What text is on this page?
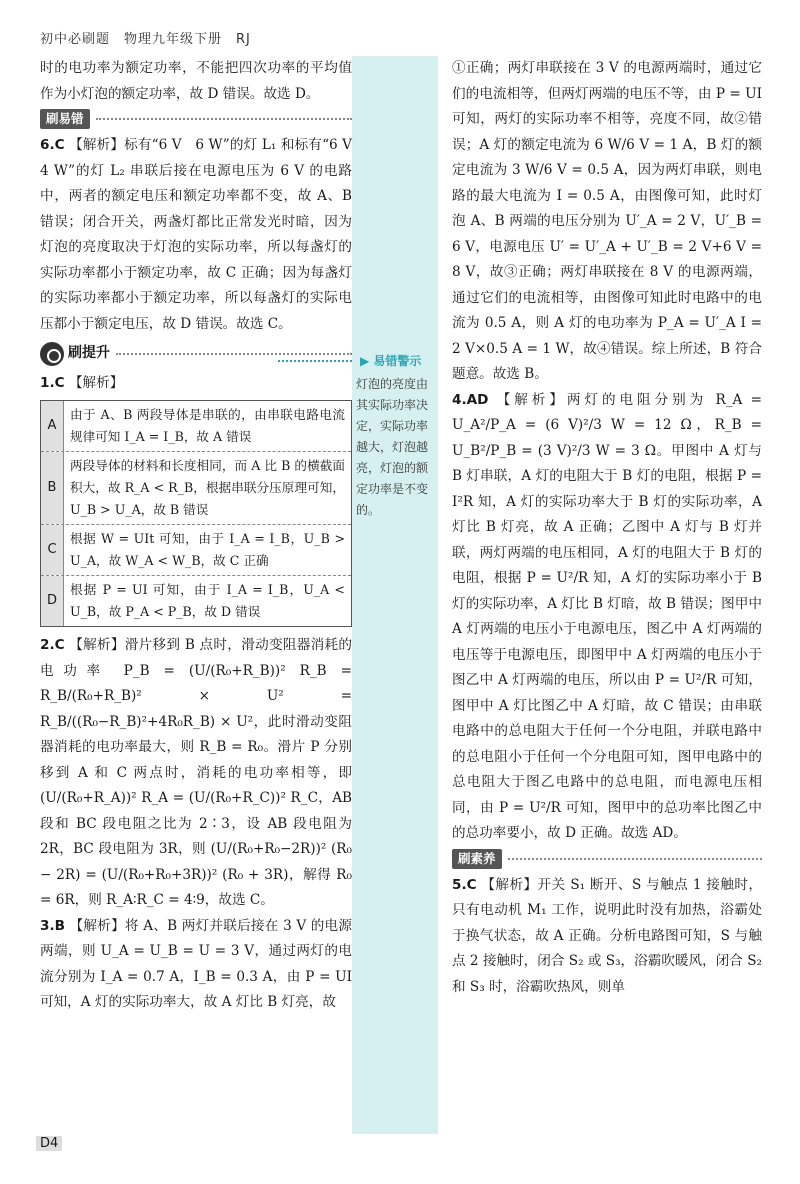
初中必刷题　物理九年级下册　RJ
▶ 易错警示
灯泡的亮度由其实际功率决定，实际功率越大，灯泡越亮，灯泡的额定功率是不变的。

时的电功率为额定功率，不能把四次功率的平均值作为小灯泡的额定功率，故 D 错误。故选 D。

刷易错

6.C 【解析】标有“6 V　6 W”的灯 L₁ 和标有“6 V　4 W”的灯 L₂ 串联后接在电源电压为 6 V 的电路中，两者的额定电压和额定功率都不变，故 A、B 错误；闭合开关，两盏灯都比正常发光时暗，因为灯泡的亮度取决于灯泡的实际功率，所以每盏灯的实际功率都小于额定功率，故 C 正确；因为每盏灯的实际功率都小于额定功率，所以每盏灯的实际电压都小于额定电压，故 D 错误。故选 C。

刷提升

1.C 【解析】

A
由于 A、B 两段导体是串联的，由串联电路电流规律可知 I_A = I_B，故 A 错误
B
两段导体的材料和长度相同，而 A 比 B 的横截面积大，故 R_A < R_B，根据串联分压原理可知，U_B > U_A，故 B 错误
C
根据 W = UIt 可知，由于 I_A = I_B，U_B > U_A，故 W_A < W_B，故 C 正确
D
根据 P = UI 可知，由于 I_A = I_B，U_A < U_B，故 P_A < P_B，故 D 错误

2.C 【解析】滑片移到 B 点时，滑动变阻器消耗的电功率 P_B = (U/(R₀+R_B))² R_B = R_B/(R₀+R_B)² × U² = R_B/((R₀−R_B)²+4R₀R_B) × U²，此时滑动变阻器消耗的电功率最大，则 R_B = R₀。滑片 P 分别移到 A 和 C 两点时，消耗的电功率相等，即 (U/(R₀+R_A))² R_A = (U/(R₀+R_C))² R_C，AB 段和 BC 段电阻之比为 2∶3，设 AB 段电阻为 2R，BC 段电阻为 3R，则 (U/(R₀+R₀−2R))² (R₀ − 2R) = (U/(R₀+R₀+3R))² (R₀ + 3R)，解得 R₀ = 6R，则 R_A∶R_C = 4∶9，故选 C。

3.B 【解析】将 A、B 两灯并联后接在 3 V 的电源两端，则 U_A = U_B = U = 3 V，通过两灯的电流分别为 I_A = 0.7 A，I_B = 0.3 A，由 P = UI 可知，A 灯的实际功率大，故 A 灯比 B 灯亮，故

①正确；两灯串联接在 3 V 的电源两端时，通过它们的电流相等，但两灯两端的电压不等，由 P = UI 可知，两灯的实际功率不相等，亮度不同，故②错误；A 灯的额定电流为 6 W/6 V = 1 A，B 灯的额定电流为 3 W/6 V = 0.5 A，因为两灯串联，则电路的最大电流为 I = 0.5 A，由图像可知，此时灯泡 A、B 两端的电压分别为 U′_A = 2 V，U′_B = 6 V，电源电压 U′ = U′_A + U′_B = 2 V+6 V = 8 V，故③正确；两灯串联接在 8 V 的电源两端，通过它们的电流相等，由图像可知此时电路中的电流为 0.5 A，则 A 灯的电功率为 P_A = U′_A I = 2 V×0.5 A = 1 W，故④错误。综上所述，B 符合题意。故选 B。

4.AD 【解析】两灯的电阻分别为 R_A = U_A²/P_A = (6 V)²/3 W = 12 Ω，R_B = U_B²/P_B = (3 V)²/3 W = 3 Ω。甲图中 A 灯与 B 灯串联，A 灯的电阻大于 B 灯的电阻，根据 P = I²R 知，A 灯的实际功率大于 B 灯的实际功率，A 灯比 B 灯亮，故 A 正确；乙图中 A 灯与 B 灯并联，两灯两端的电压相同，A 灯的电阻大于 B 灯的电阻，根据 P = U²/R 知，A 灯的实际功率小于 B 灯的实际功率，A 灯比 B 灯暗，故 B 错误；图甲中 A 灯两端的电压小于电源电压，图乙中 A 灯两端的电压等于电源电压，即图甲中 A 灯两端的电压小于图乙中 A 灯两端的电压，所以由 P = U²/R 可知，图甲中 A 灯比图乙中 A 灯暗，故 C 错误；由串联电路中的总电阻大于任何一个分电阻，并联电路中的总电阻小于任何一个分电阻可知，图甲电路中的总电阻大于图乙电路中的总电阻，而电源电压相同，由 P = U²/R 可知，图甲中的总功率比图乙中的总功率要小，故 D 正确。故选 AD。

刷素养

5.C 【解析】开关 S₁ 断开、S 与触点 1 接触时，只有电动机 M₁ 工作，说明此时没有加热，浴霸处于换气状态，故 A 正确。分析电路图可知，S 与触点 2 接触时，闭合 S₂ 或 S₃，浴霸吹暖风，闭合 S₂ 和 S₃ 时，浴霸吹热风，则单

D4
